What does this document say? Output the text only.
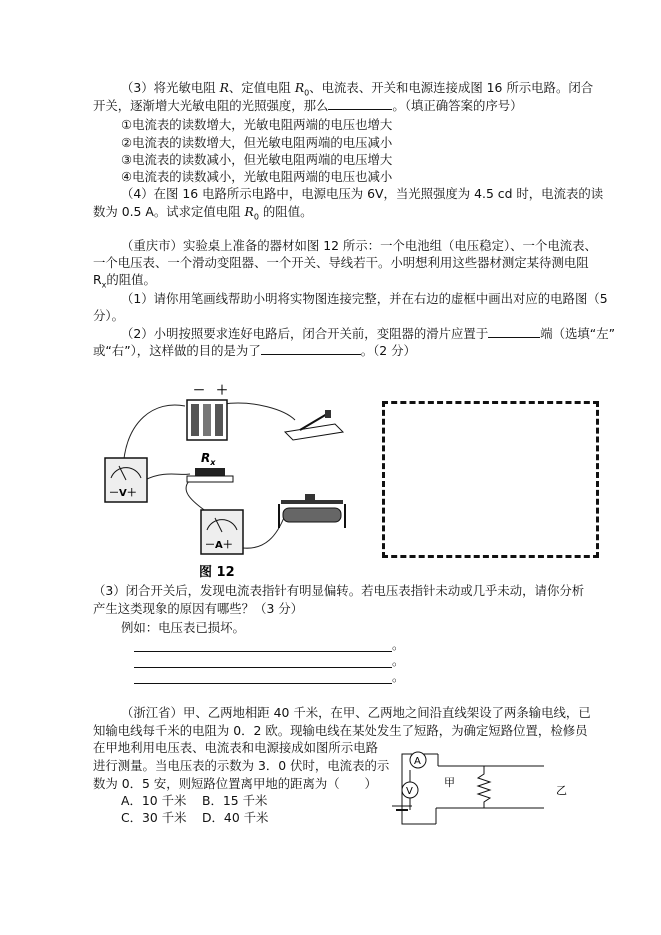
（3）将光敏电阻 R、定值电阻 $R_0$、电流表、开关和电源连接成图 16 所示电路。闭合
开关，逐渐增大光敏电阻的光照强度，那么	。（填正确答案的序号）
①电流表的读数增大，光敏电阻两端的电压也增大
②电流表的读数增大，但光敏电阻两端的电压减小
③电流表的读数减小，但光敏电阻两端的电压增大
④电流表的读数减小，光敏电阻两端的电压也减小
（4）在图 16 电路所示电路中，电源电压为 6V，当光照强度为 4.5 cd 时，电流表的读
数为 0.5 A。试求定值电阻 $R_0$ 的阻值。
（重庆市）实验桌上准备的器材如图 12 所示：一个电池组（电压稳定）、一个电流表、
一个电压表、一个滑动变阻器、一个开关、导线若干。小明想利用这些器材测定某待测电阻
$R_x$的阻值。
（1）请你用笔画线帮助小明将实物图连接完整，并在右边的虚框中画出对应的电路图（5
分）。
（2）小明按照要求连好电路后，闭合开关前，变阻器的滑片应置于	端（选填“左”
或“右”），这样做的目的是为了	。（2 分）
－ ＋
－V＋
$R_x$
－A＋
图 12
（3）闭合开关后，发现电流表指针有明显偏转。若电压表指针未动或几乎未动，请你分析
产生这类现象的原因有哪些？（3 分）
例如：电压表已损坏。
。
。
。
（浙江省）甲、乙两地相距 40 千米，在甲、乙两地之间沿直线架设了两条输电线，已
知输电线每千米的电阻为 0．2 欧。现输电线在某处发生了短路，为确定短路位置，检修员
在甲地利用电压表、电流表和电源接成如图所示电路
进行测量。当电压表的示数为 3．0 伏时，电流表的示
数为 0．5 安，则短路位置离甲地的距离为（　　）
A．10 千米 B．15 千米
C．30 千米 D．40 千米
A
V
甲
乙
